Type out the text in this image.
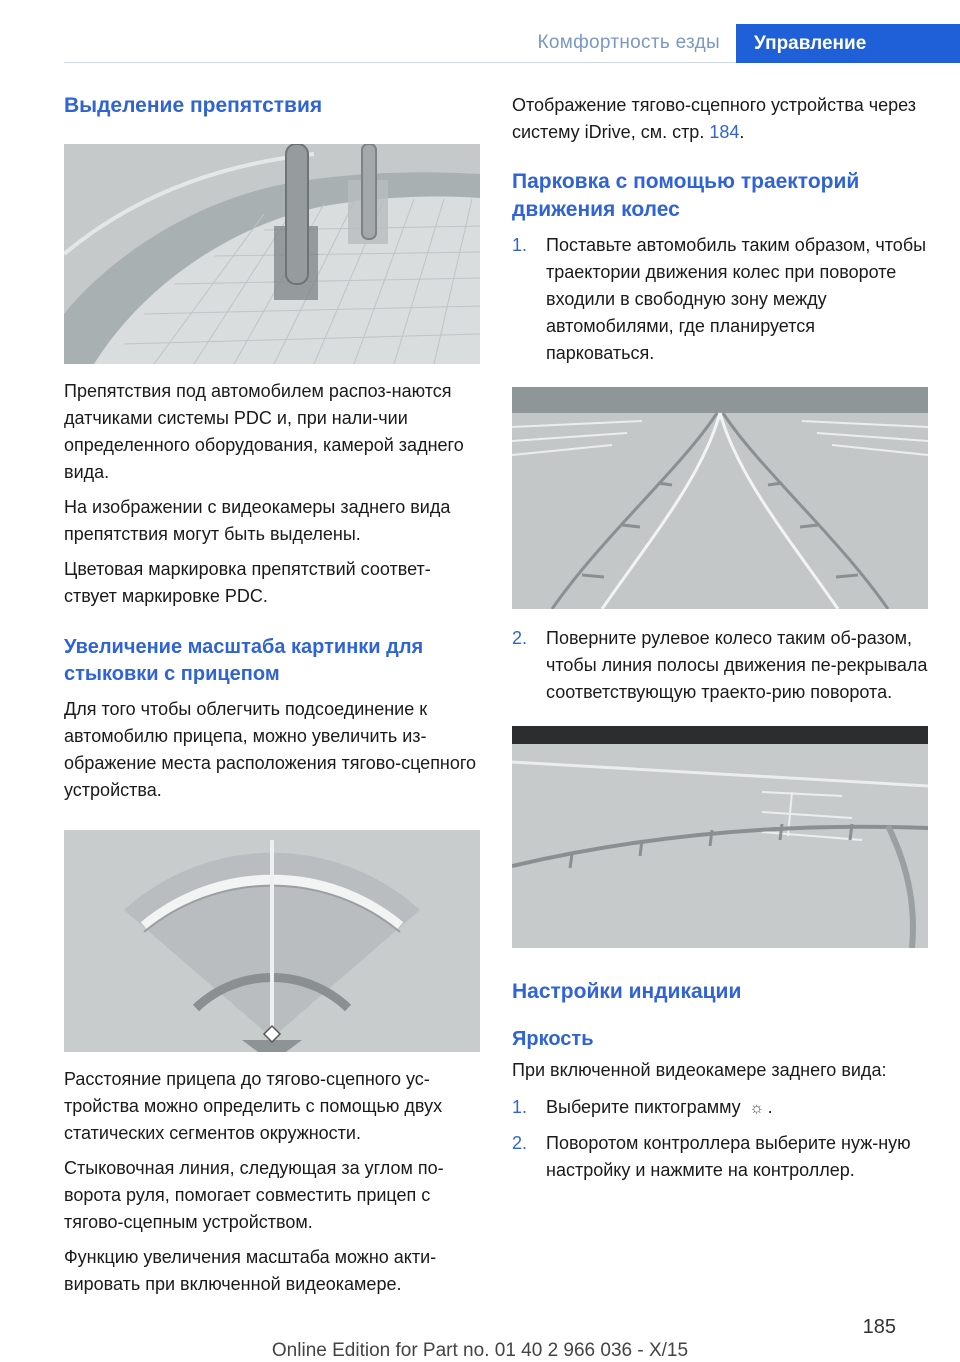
Комфортность езды	Управление
Выделение препятствия

Препятствия под автомобилем распоз-наются датчиками системы PDC и, при нали-чии определенного оборудования, камерой заднего вида.

На изображении с видеокамеры заднего вида препятствия могут быть выделены.

Цветовая маркировка препятствий соответ-ствует маркировке PDC.

Увеличение масштаба картинки для стыковки с прицепом

Для того чтобы облегчить подсоединение к автомобилю прицепа, можно увеличить из-ображение места расположения тягово-сцепного устройства.

Расстояние прицепа до тягово-сцепного ус-тройства можно определить с помощью двух статических сегментов окружности.

Стыковочная линия, следующая за углом по-ворота руля, помогает совместить прицеп с тягово-сцепным устройством.

Функцию увеличения масштаба можно акти-вировать при включенной видеокамере.

Отображение тягово-сцепного устройства через систему iDrive, см. стр. 184.

Парковка с помощью траекторий движения колес
1. Поставьте автомобиль таким образом, чтобы траектории движения колес при повороте входили в свободную зону между автомобилями, где планируется парковаться.
2. Поверните рулевое колесо таким об-разом, чтобы линия полосы движения пе-рекрывала соответствующую траекто-рию поворота.
Настройки индикации
Яркость

При включенной видеокамере заднего вида:

1. Выберите пиктограмму ☼ .
2. Поворотом контроллера выберите нуж-ную настройку и нажмите на контроллер.
185
Online Edition for Part no. 01 40 2 966 036 - X/15
